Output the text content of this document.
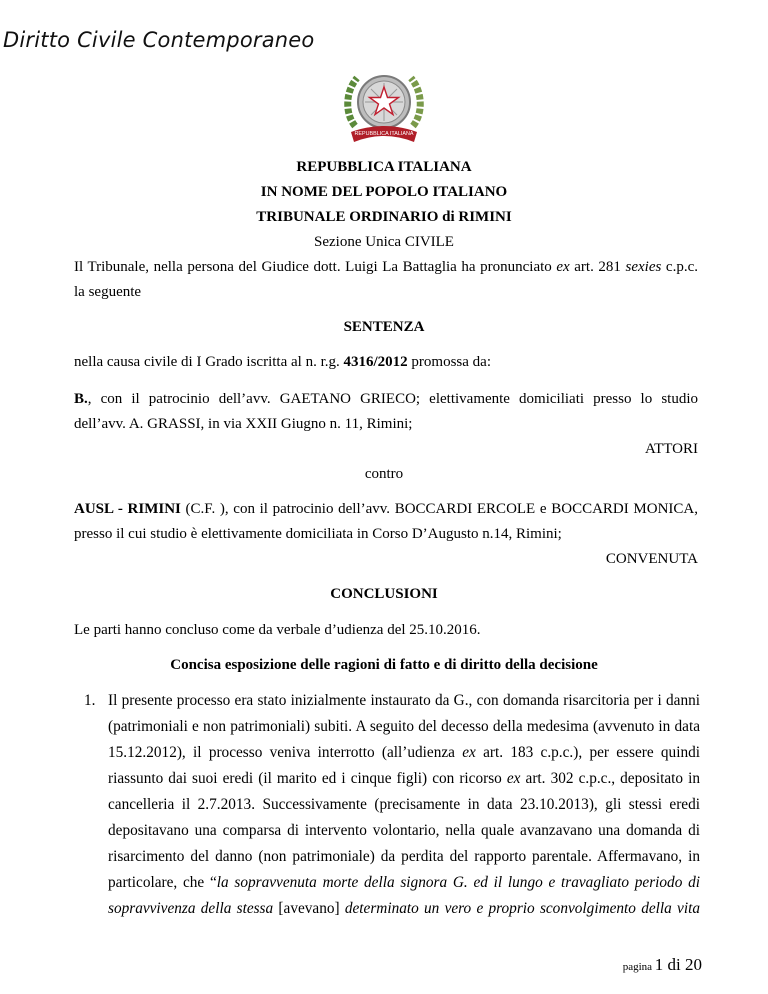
Diritto Civile Contemporaneo
REPUBBLICA ITALIANA
REPUBBLICA ITALIANA
IN NOME DEL POPOLO ITALIANO
TRIBUNALE ORDINARIO di RIMINI
Sezione Unica CIVILE
Il Tribunale, nella persona del Giudice dott. Luigi La Battaglia ha pronunciato ex art. 281 sexies c.p.c.
la seguente
SENTENZA
nella causa civile di I Grado iscritta al n. r.g. 4316/2012 promossa da:
B., con il patrocinio dell’avv. GAETANO GRIECO; elettivamente domiciliati presso lo studio
dell’avv. A. GRASSI, in via XXII Giugno n. 11, Rimini;
ATTORI
contro
AUSL - RIMINI (C.F. ), con il patrocinio dell’avv. BOCCARDI ERCOLE e BOCCARDI MONICA,
presso il cui studio è elettivamente domiciliata in Corso D’Augusto n.14, Rimini;
CONVENUTA
CONCLUSIONI
Le parti hanno concluso come da verbale d’udienza del 25.10.2016.
Concisa esposizione delle ragioni di fatto e di diritto della decisione
1. Il presente processo era stato inizialmente instaurato da G., con domanda risarcitoria per i danni
(patrimoniali e non patrimoniali) subiti. A seguito del decesso della medesima (avvenuto in data
15.12.2012), il processo veniva interrotto (all’udienza ex art. 183 c.p.c.), per essere quindi
riassunto dai suoi eredi (il marito ed i cinque figli) con ricorso ex art. 302 c.p.c., depositato in
cancelleria il 2.7.2013. Successivamente (precisamente in data 23.10.2013), gli stessi eredi
depositavano una comparsa di intervento volontario, nella quale avanzavano una domanda di
risarcimento del danno (non patrimoniale) da perdita del rapporto parentale. Affermavano, in
particolare, che “la sopravvenuta morte della signora G. ed il lungo e travagliato periodo di
sopravvivenza della stessa [avevano] determinato un vero e proprio sconvolgimento della vita
pagina 1 di 20
